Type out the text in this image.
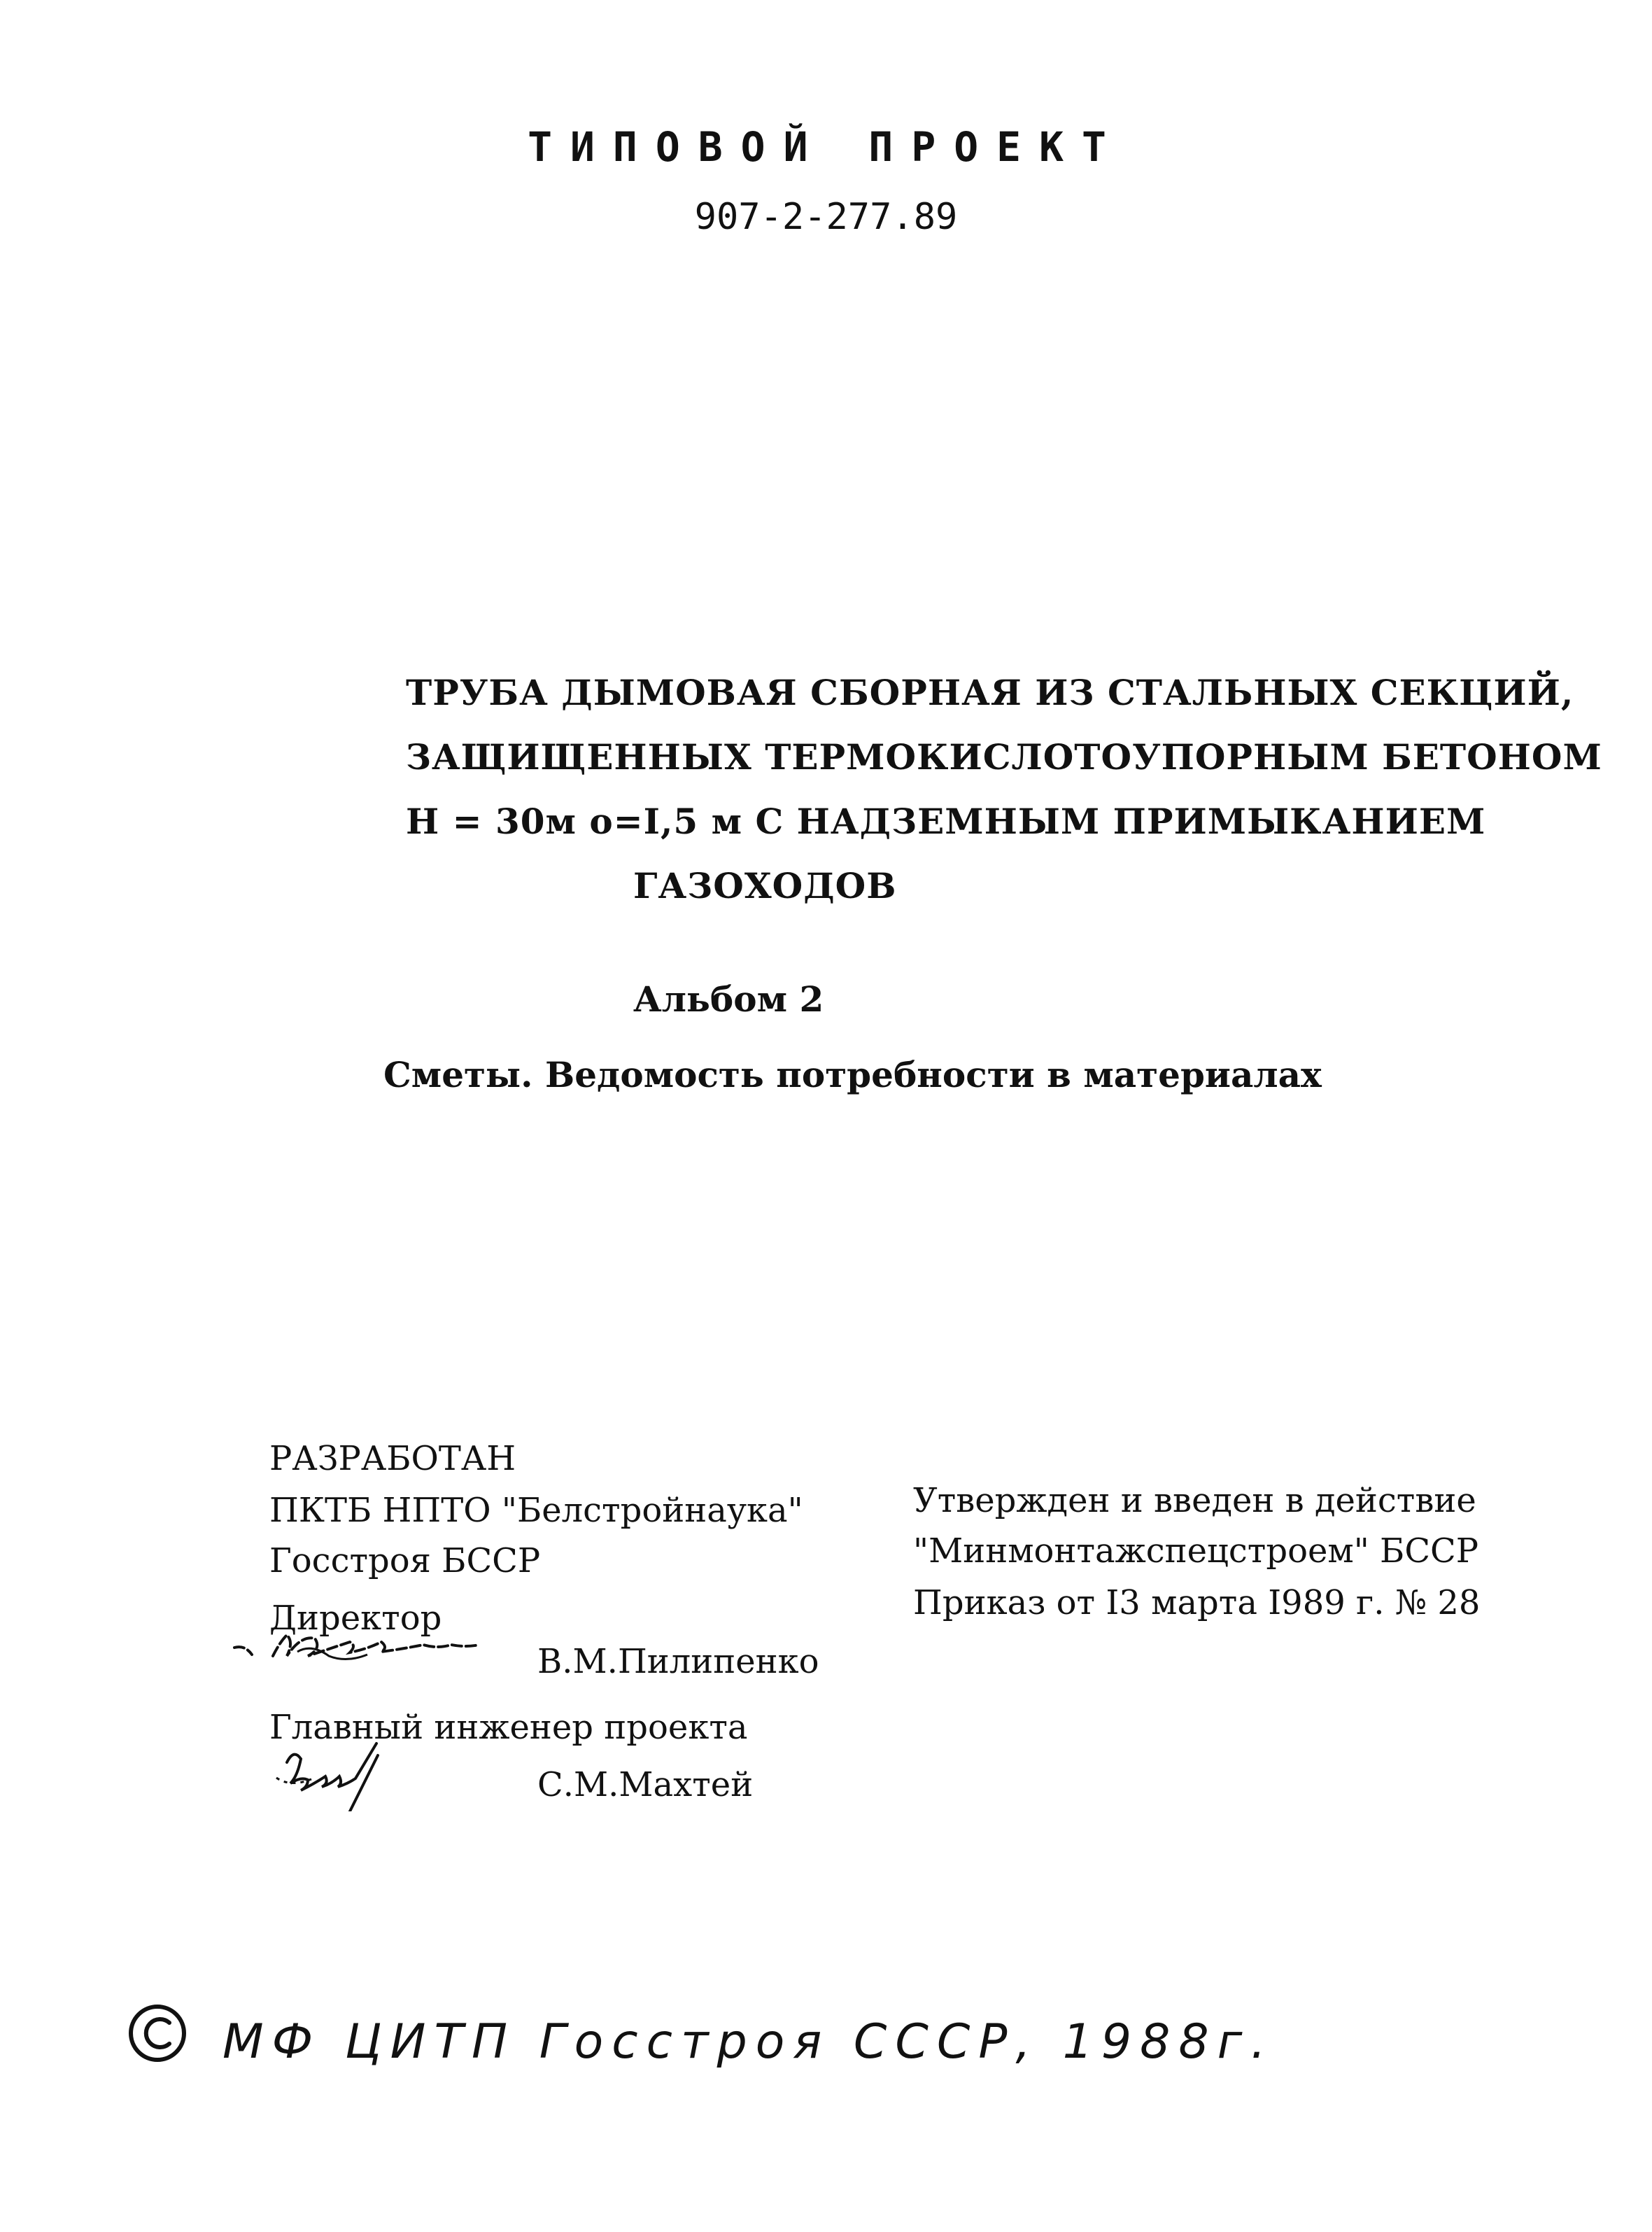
ТИПОВОЙ ПРОЕКТ
907-2-277.89
ТРУБА ДЫМОВАЯ СБОРНАЯ ИЗ СТАЛЬНЫХ СЕКЦИЙ,
ЗАЩИЩЕННЫХ ТЕРМОКИСЛОТОУПОРНЫМ БЕТОНОМ
Н = 30м о=I,5 м С НАДЗЕМНЫМ ПРИМЫКАНИЕМ
ГАЗОХОДОВ
Альбом 2
Сметы. Ведомость потребности в материалах
РАЗРАБОТАН
ПКТБ НПТО "Белстройнаука"
Госстроя БССР
Директор
В.М.Пилипенко
Главный инженер проекта
С.М.Махтей
Утвержден и введен в действие
"Минмонтажспецстроем" БССР
Приказ от I3 марта I989 г. № 28
МФ ЦИТП Госстроя СССР, 1988г.
